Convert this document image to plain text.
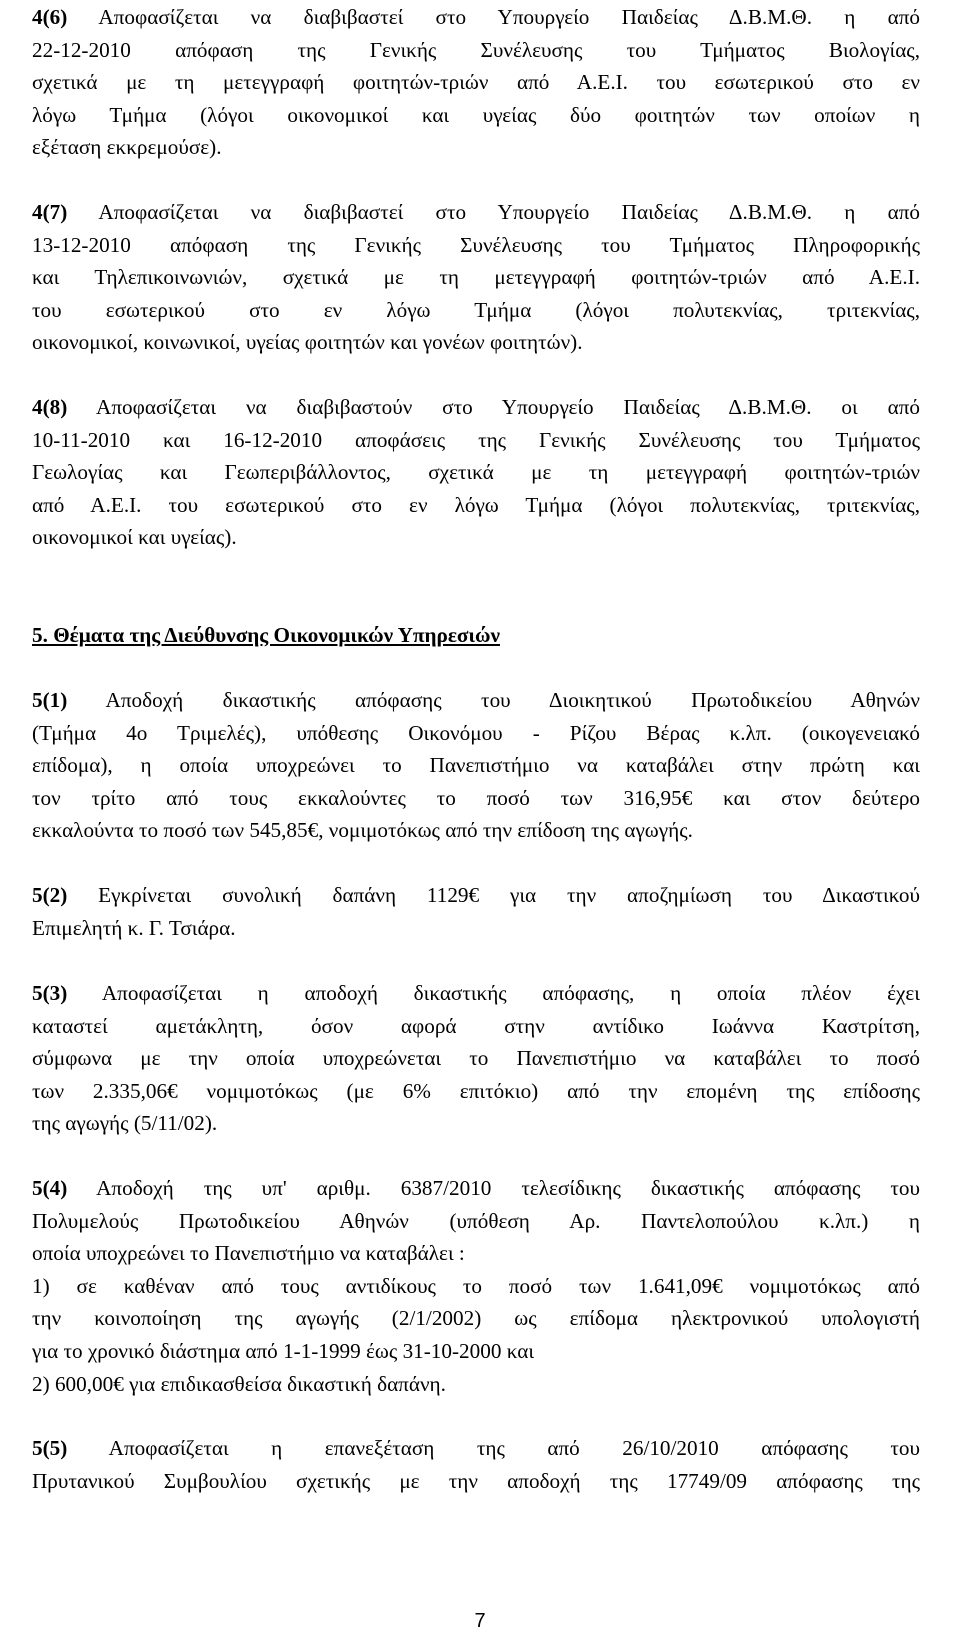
4(6) Αποφασίζεται να διαβιβαστεί στο Υπουργείο Παιδείας Δ.Β.Μ.Θ. η από
22-12-2010 απόφαση της Γενικής Συνέλευσης του Τμήματος Βιολογίας,
σχετικά με τη μετεγγραφή φοιτητών-τριών από Α.Ε.Ι. του εσωτερικού στο εν
λόγω Τμήμα (λόγοι οικονομικοί και υγείας δύο φοιτητών των οποίων η
εξέταση εκκρεμούσε).
4(7) Αποφασίζεται να διαβιβαστεί στο Υπουργείο Παιδείας Δ.Β.Μ.Θ. η από
13-12-2010 απόφαση της Γενικής Συνέλευσης του Τμήματος Πληροφορικής
και Τηλεπικοινωνιών, σχετικά με τη μετεγγραφή φοιτητών-τριών από Α.Ε.Ι.
του εσωτερικού στο εν λόγω Τμήμα (λόγοι πολυτεκνίας, τριτεκνίας,
οικονομικοί, κοινωνικοί, υγείας φοιτητών και γονέων φοιτητών).
4(8) Αποφασίζεται να διαβιβαστούν στο Υπουργείο Παιδείας Δ.Β.Μ.Θ. οι από
10-11-2010 και 16-12-2010 αποφάσεις της Γενικής Συνέλευσης του Τμήματος
Γεωλογίας και Γεωπεριβάλλοντος, σχετικά με τη μετεγγραφή φοιτητών-τριών
από Α.Ε.Ι. του εσωτερικού στο εν λόγω Τμήμα (λόγοι πολυτεκνίας, τριτεκνίας,
οικονομικοί και υγείας).
5. Θέματα της Διεύθυνσης Οικονομικών Υπηρεσιών
5(1) Αποδοχή δικαστικής απόφασης του Διοικητικού Πρωτοδικείου Αθηνών
(Τμήμα 4ο Τριμελές), υπόθεσης Οικονόμου - Ρίζου Βέρας κ.λπ. (οικογενειακό
επίδομα), η οποία υποχρεώνει το Πανεπιστήμιο να καταβάλει στην πρώτη και
τον τρίτο από τους εκκαλούντες το ποσό των 316,95€ και στον δεύτερο
εκκαλούντα το ποσό των 545,85€, νομιμοτόκως από την επίδοση της αγωγής.
5(2) Εγκρίνεται συνολική δαπάνη 1129€ για την αποζημίωση του Δικαστικού
Επιμελητή κ. Γ. Τσιάρα.
5(3) Αποφασίζεται η αποδοχή δικαστικής απόφασης, η οποία πλέον έχει
καταστεί αμετάκλητη, όσον αφορά στην αντίδικο Ιωάννα Καστρίτση,
σύμφωνα με την οποία υποχρεώνεται το Πανεπιστήμιο να καταβάλει το ποσό
των 2.335,06€ νομιμοτόκως (με 6% επιτόκιο) από την επομένη της επίδοσης
της αγωγής (5/11/02).
5(4) Αποδοχή της υπ' αριθμ. 6387/2010 τελεσίδικης δικαστικής απόφασης του
Πολυμελούς Πρωτοδικείου Αθηνών (υπόθεση Αρ. Παντελοπούλου κ.λπ.) η
οποία υποχρεώνει το Πανεπιστήμιο να καταβάλει :
1) σε καθέναν από τους αντιδίκους το ποσό των 1.641,09€ νομιμοτόκως από
την κοινοποίηση της αγωγής (2/1/2002) ως επίδομα ηλεκτρονικού υπολογιστή
για το χρονικό διάστημα από 1-1-1999 έως 31-10-2000 και
2) 600,00€ για επιδικασθείσα δικαστική δαπάνη.
5(5) Αποφασίζεται η επανεξέταση της από 26/10/2010 απόφασης του
Πρυτανικού Συμβουλίου σχετικής με την αποδοχή της 17749/09 απόφασης της
7
